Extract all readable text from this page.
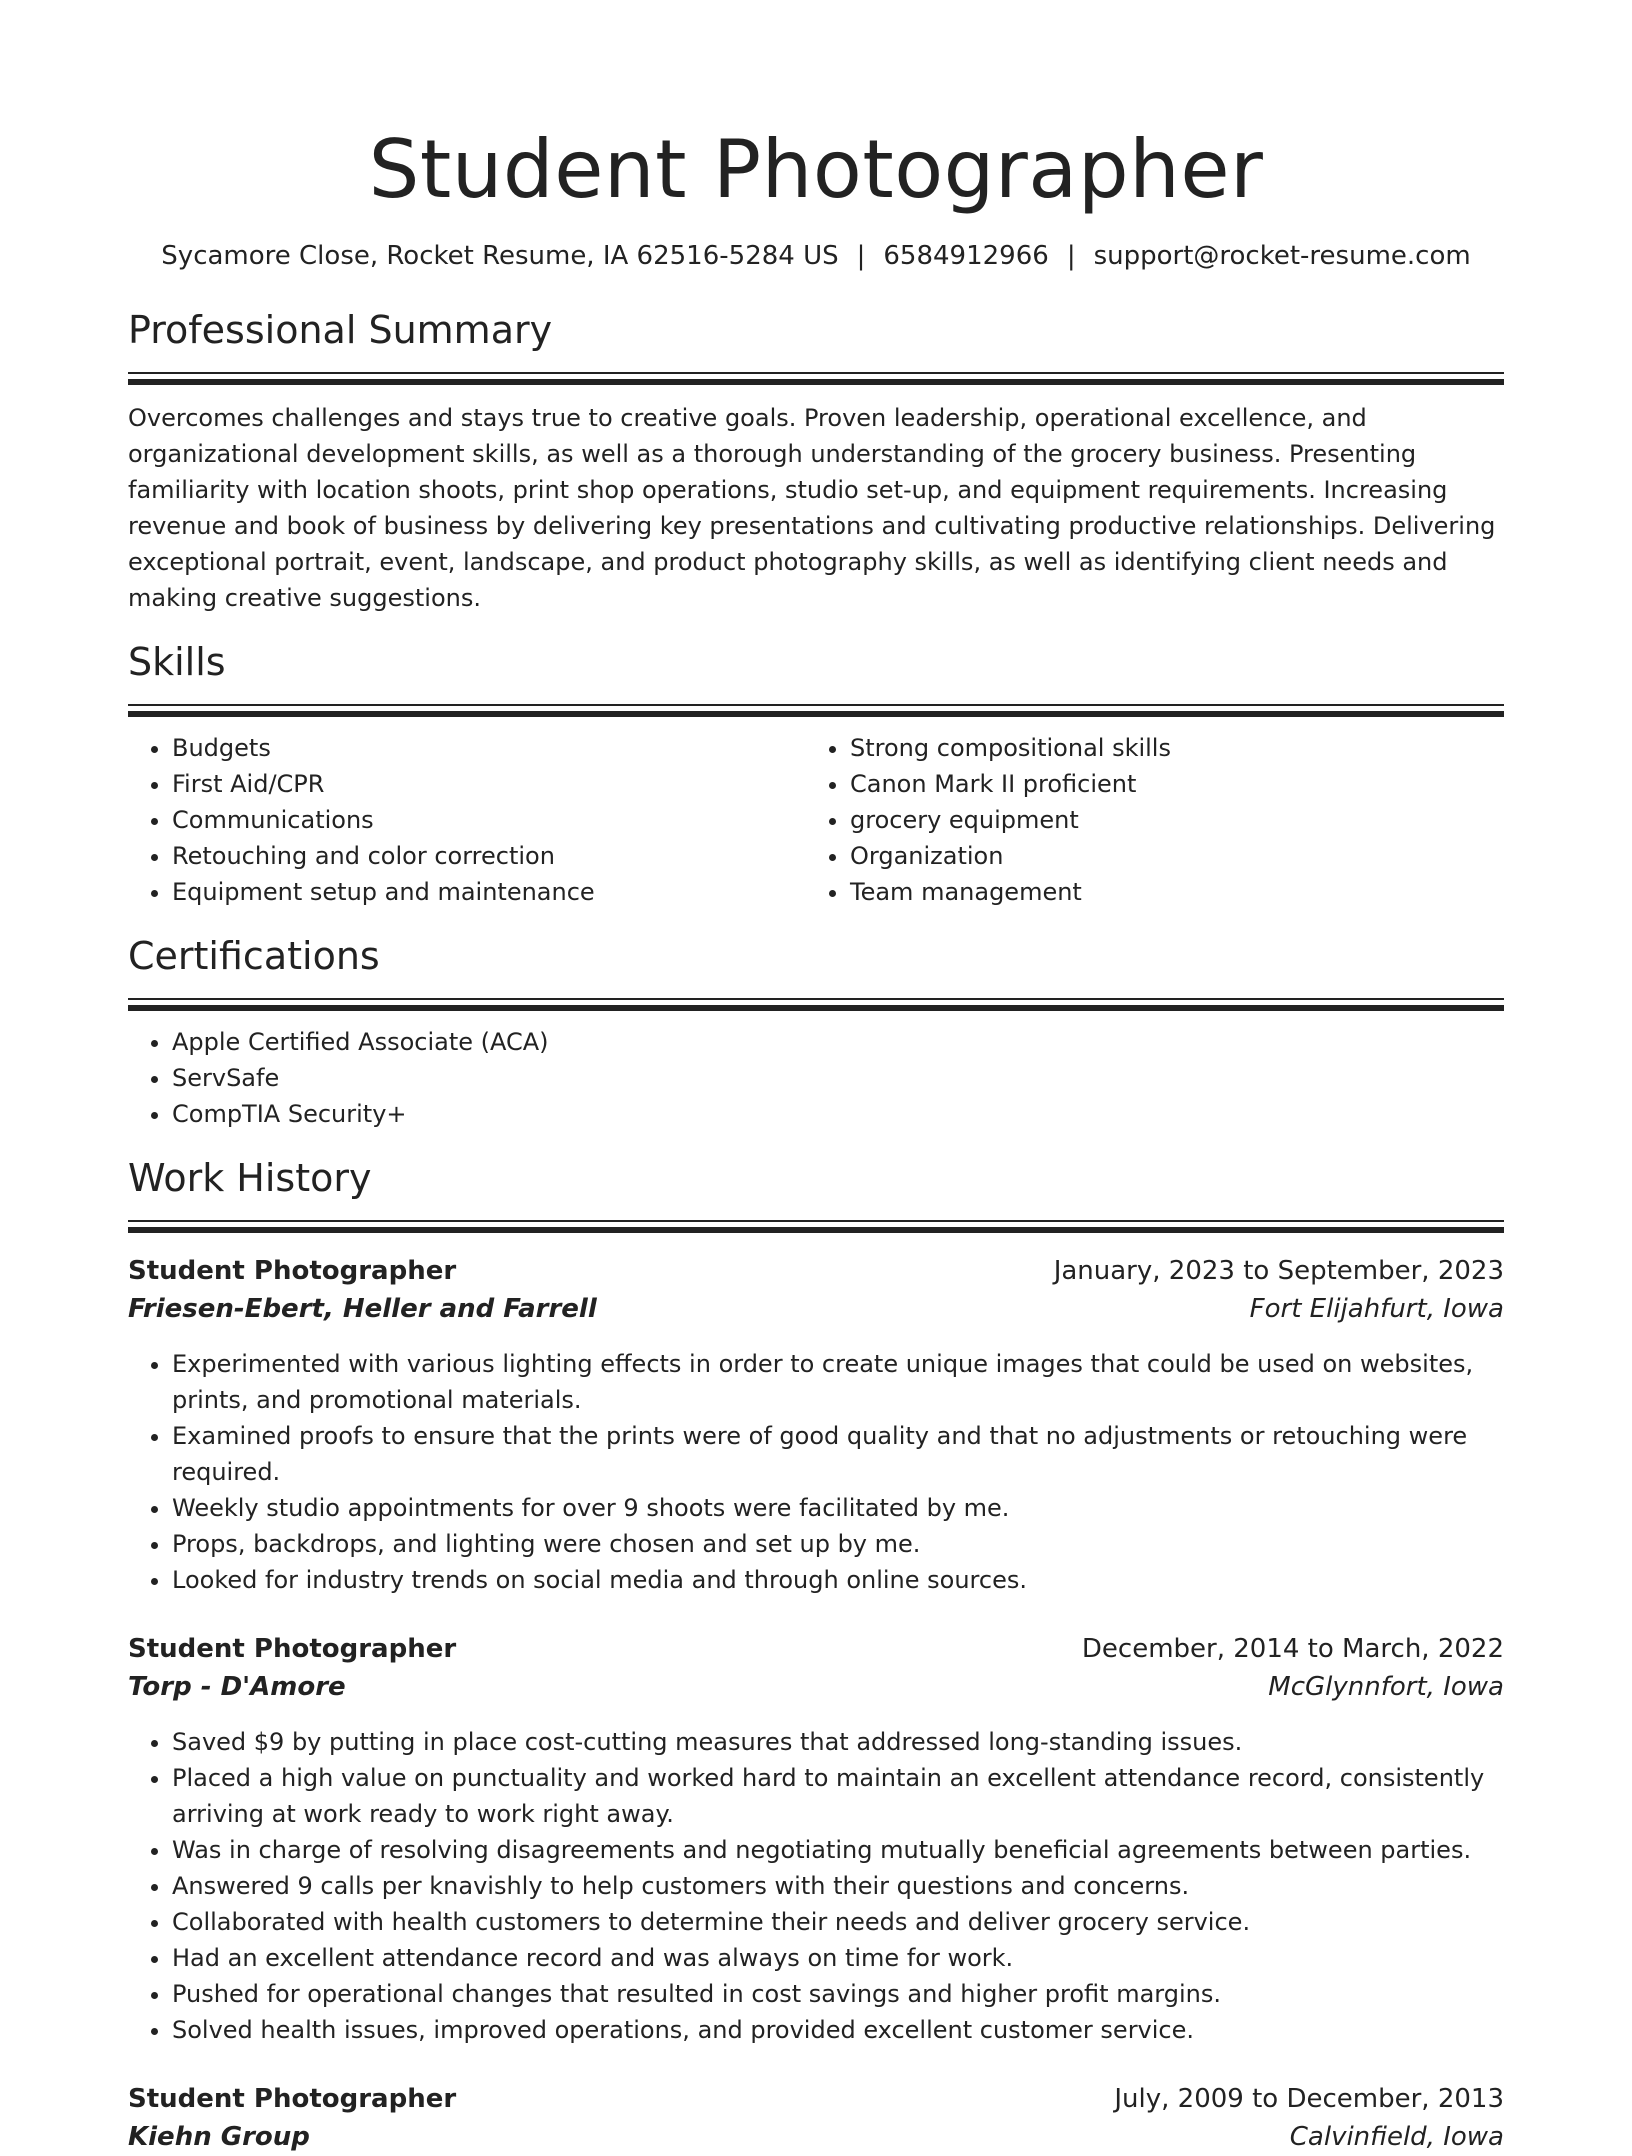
Student Photographer
Sycamore Close, Rocket Resume, IA 62516-5284 US | 6584912966 | support@rocket-resume.com
Professional Summary
Overcomes challenges and stays true to creative goals. Proven leadership, operational excellence, and organizational development skills, as well as a thorough understanding of the grocery business. Presenting familiarity with location shoots, print shop operations, studio set-up, and equipment requirements. Increasing revenue and book of business by delivering key presentations and cultivating productive relationships. Delivering exceptional portrait, event, landscape, and product photography skills, as well as identifying client needs and making creative suggestions.
Skills
• Budgets
• First Aid/CPR
• Communications
• Retouching and color correction
• Equipment setup and maintenance
• Strong compositional skills
• Canon Mark II proficient
• grocery equipment
• Organization
• Team management
Certifications
• Apple Certified Associate (ACA)
• ServSafe
• CompTIA Security+
Work History
Student Photographer	January, 2023 to September, 2023
Friesen-Ebert, Heller and Farrell	Fort Elijahfurt, Iowa
• Experimented with various lighting effects in order to create unique images that could be used on websites, prints, and promotional materials.
• Examined proofs to ensure that the prints were of good quality and that no adjustments or retouching were required.
• Weekly studio appointments for over 9 shoots were facilitated by me.
• Props, backdrops, and lighting were chosen and set up by me.
• Looked for industry trends on social media and through online sources.
Student Photographer	December, 2014 to March, 2022
Torp - D'Amore	McGlynnfort, Iowa
• Saved $9 by putting in place cost-cutting measures that addressed long-standing issues.
• Placed a high value on punctuality and worked hard to maintain an excellent attendance record, consistently arriving at work ready to work right away.
• Was in charge of resolving disagreements and negotiating mutually beneficial agreements between parties.
• Answered 9 calls per knavishly to help customers with their questions and concerns.
• Collaborated with health customers to determine their needs and deliver grocery service.
• Had an excellent attendance record and was always on time for work.
• Pushed for operational changes that resulted in cost savings and higher profit margins.
• Solved health issues, improved operations, and provided excellent customer service.
Student Photographer	July, 2009 to December, 2013
Kiehn Group	Calvinfield, Iowa
